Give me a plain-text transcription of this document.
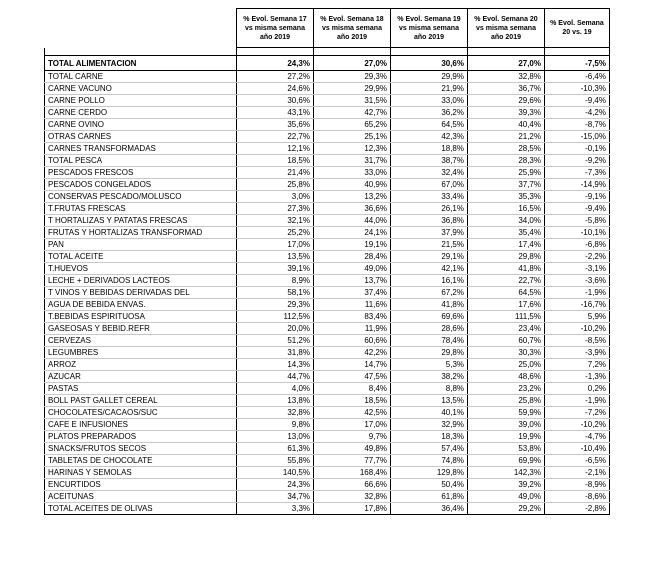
	% Evol. Semana 17 vs misma semana año 2019	% Evol. Semana 18 vs misma semana año 2019	% Evol. Semana 19 vs misma semana año 2019	% Evol. Semana 20 vs misma semana año 2019	% Evol. Semana 20 vs. 19

TOTAL ALIMENTACION	24,3%	27,0%	30,6%	27,0%	-7,5%
TOTAL CARNE	27,2%	29,3%	29,9%	32,8%	-6,4%
CARNE VACUNO	24,6%	29,9%	21,9%	36,7%	-10,3%
CARNE POLLO	30,6%	31,5%	33,0%	29,6%	-9,4%
CARNE CERDO	43,1%	42,7%	36,2%	39,3%	-4,2%
CARNE OVINO	35,6%	65,2%	64,5%	40,4%	-8,7%
OTRAS CARNES	22,7%	25,1%	42,3%	21,2%	-15,0%
CARNES TRANSFORMADAS	12,1%	12,3%	18,8%	28,5%	-0,1%
TOTAL PESCA	18,5%	31,7%	38,7%	28,3%	-9,2%
PESCADOS FRESCOS	21,4%	33,0%	32,4%	25,9%	-7,3%
PESCADOS CONGELADOS	25,8%	40,9%	67,0%	37,7%	-14,9%
CONSERVAS PESCADO/MOLUSCO	3,0%	13,2%	33,4%	35,3%	-9,1%
T.FRUTAS FRESCAS	27,3%	36,6%	26,1%	16,5%	-9,4%
T HORTALIZAS Y PATATAS FRESCAS	32,1%	44,0%	36,8%	34,0%	-5,8%
FRUTAS Y HORTALIZAS TRANSFORMAD	25,2%	24,1%	37,9%	35,4%	-10,1%
PAN	17,0%	19,1%	21,5%	17,4%	-6,8%
TOTAL ACEITE	13,5%	28,4%	29,1%	29,8%	-2,2%
T.HUEVOS	39,1%	49,0%	42,1%	41,8%	-3,1%
LECHE + DERIVADOS LACTEOS	8,9%	13,7%	16,1%	22,7%	-3,6%
T VINOS Y BEBIDAS DERIVADAS DEL	58,1%	37,4%	67,2%	64,5%	-1,9%
AGUA DE BEBIDA ENVAS.	29,3%	11,6%	41,8%	17,6%	-16,7%
T.BEBIDAS ESPIRITUOSA	112,5%	83,4%	69,6%	111,5%	5,9%
GASEOSAS Y BEBID.REFR	20,0%	11,9%	28,6%	23,4%	-10,2%
CERVEZAS	51,2%	60,6%	78,4%	60,7%	-8,5%
LEGUMBRES	31,8%	42,2%	29,8%	30,3%	-3,9%
ARROZ	14,3%	14,7%	5,3%	25,0%	7,2%
AZUCAR	44,7%	47,5%	38,2%	48,6%	-1,3%
PASTAS	4,0%	8,4%	8,8%	23,2%	0,2%
BOLL PAST GALLET CEREAL	13,8%	18,5%	13,5%	25,8%	-1,9%
CHOCOLATES/CACAOS/SUC	32,8%	42,5%	40,1%	59,9%	-7,2%
CAFE E INFUSIONES	9,8%	17,0%	32,9%	39,0%	-10,2%
PLATOS PREPARADOS	13,0%	9,7%	18,3%	19,9%	-4,7%
SNACKS/FRUTOS SECOS	61,3%	49,8%	57,4%	53,8%	-10,4%
TABLETAS DE CHOCOLATE	55,8%	77,7%	74,8%	69,9%	-6,5%
HARINAS Y SEMOLAS	140,5%	168,4%	129,8%	142,3%	-2,1%
ENCURTIDOS	24,3%	66,6%	50,4%	39,2%	-8,9%
ACEITUNAS	34,7%	32,8%	61,8%	49,0%	-8,6%
TOTAL ACEITES DE OLIVAS	3,3%	17,8%	36,4%	29,2%	-2,8%
